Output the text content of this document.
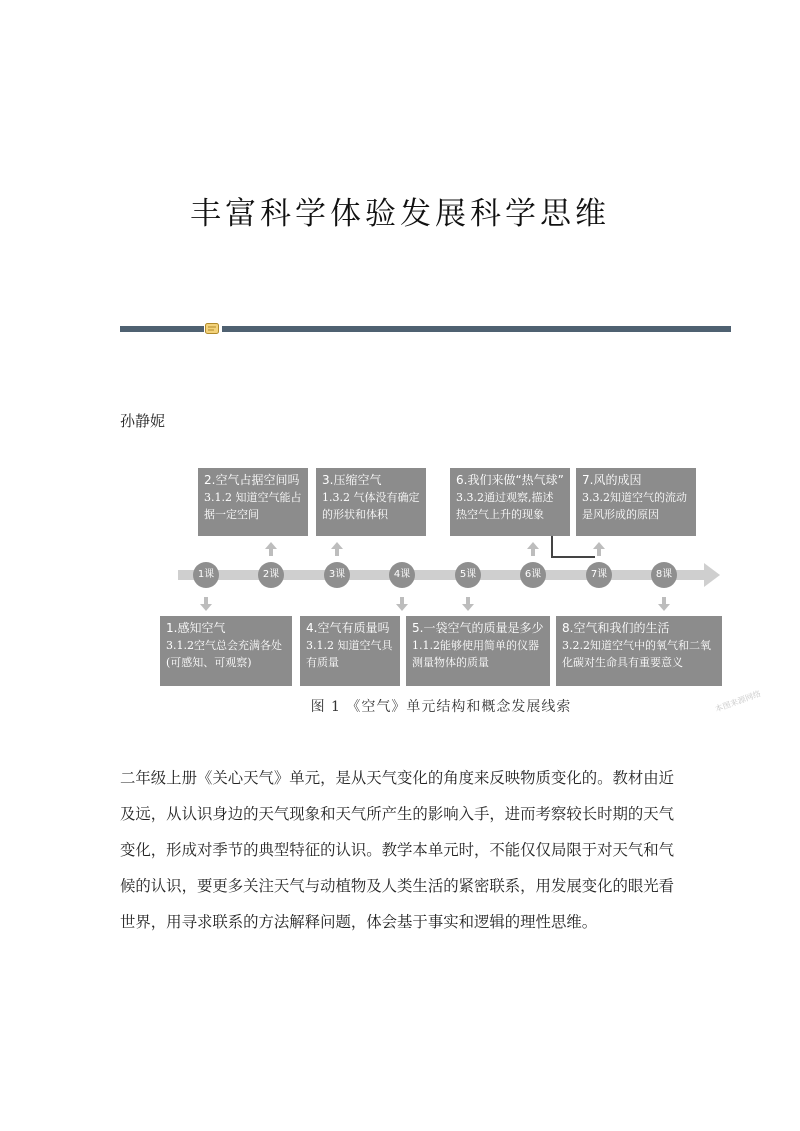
丰富科学体验发展科学思维
孙静妮
2.空气占据空间吗
3.1.2 知道空气能占据一定空间
3.压缩空气
1.3.2 气体没有确定的形状和体积
6.我们来做“热气球”
3.3.2通过观察,描述热空气上升的现象
7.风的成因
3.3.2知道空气的流动是风形成的原因
1课	2课	3课	4课	5课	6课	7课	8课
1.感知空气
3.1.2空气总会充满各处(可感知、可观察)
4.空气有质量吗
3.1.2 知道空气具有质量
5.一袋空气的质量是多少
1.1.2能够使用简单的仪器测量物体的质量
8.空气和我们的生活
3.2.2知道空气中的氧气和二氧化碳对生命具有重要意义
图 1 《空气》单元结构和概念发展线索	本图来源网络

二年级上册《关心天气》单元，是从天气变化的角度来反映物质变化的。教材由近及远，从认识身边的天气现象和天气所产生的影响入手，进而考察较长时期的天气变化，形成对季节的典型特征的认识。教学本单元时，不能仅仅局限于对天气和气候的认识，要更多关注天气与动植物及人类生活的紧密联系，用发展变化的眼光看世界，用寻求联系的方法解释问题，体会基于事实和逻辑的理性思维。
